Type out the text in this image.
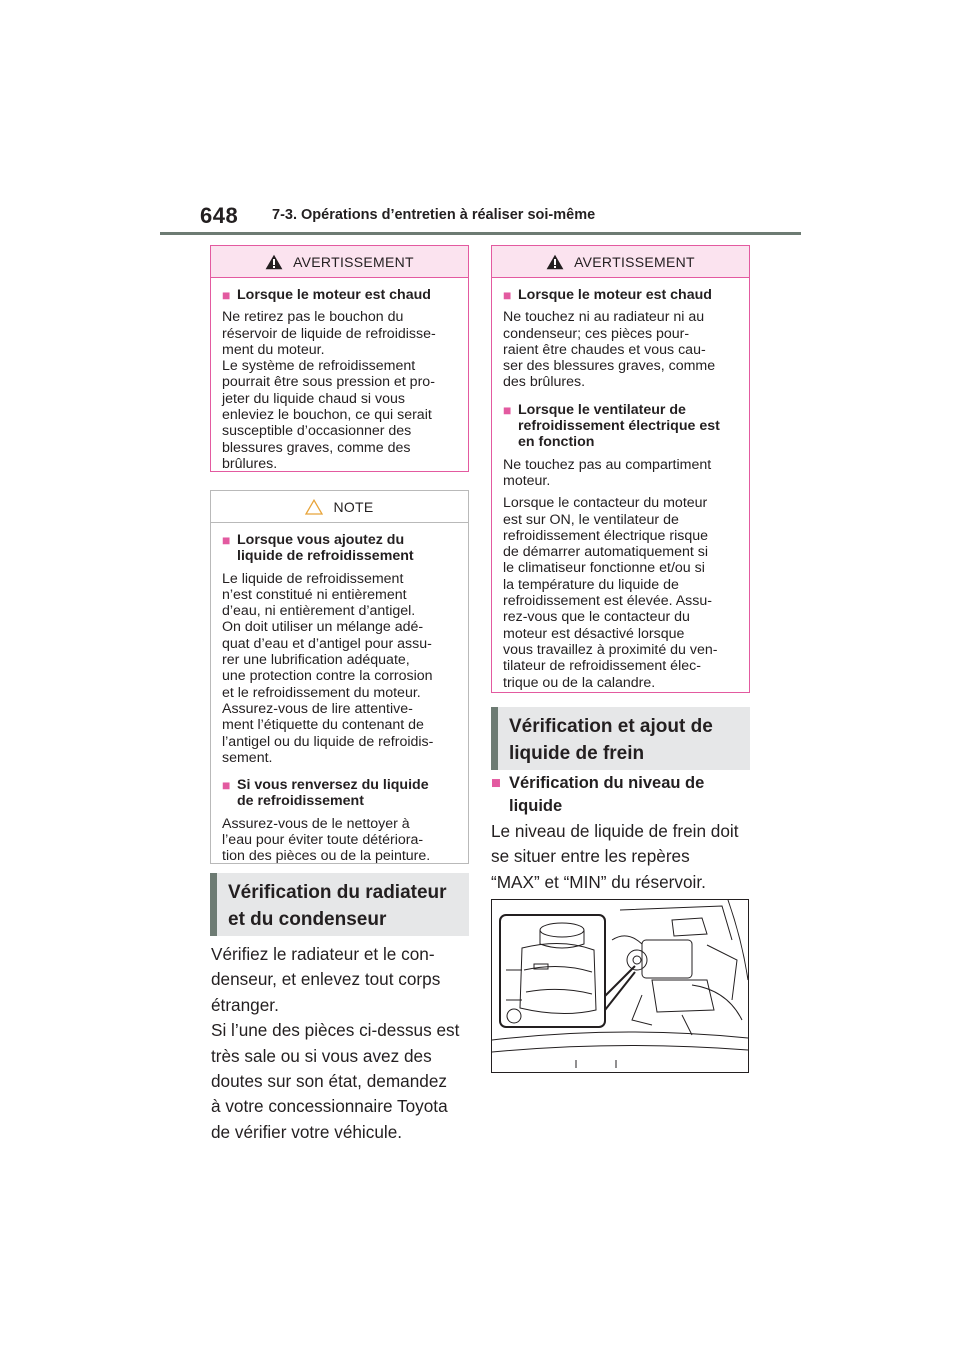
648 7-3. Opérations d’entretien à réaliser soi-même
AVERTISSEMENT
■ Lorsque le moteur est chaud
Ne retirez pas le bouchon du
réservoir de liquide de refroidisse-
ment du moteur.
Le système de refroidissement
pourrait être sous pression et pro-
jeter du liquide chaud si vous
enleviez le bouchon, ce qui serait
susceptible d’occasionner des
blessures graves, comme des
brûlures.
NOTE
■ Lorsque vous ajoutez du
liquide de refroidissement
Le liquide de refroidissement
n’est constitué ni entièrement
d’eau, ni entièrement d’antigel.
On doit utiliser un mélange adé-
quat d’eau et d’antigel pour assu-
rer une lubrification adéquate,
une protection contre la corrosion
et le refroidissement du moteur.
Assurez-vous de lire attentive-
ment l’étiquette du contenant de
l’antigel ou du liquide de refroidis-
sement.
■ Si vous renversez du liquide
de refroidissement
Assurez-vous de le nettoyer à
l’eau pour éviter toute détériora-
tion des pièces ou de la peinture.
Vérification du radiateur
et du condenseur
Vérifiez le radiateur et le con-
denseur, et enlevez tout corps
étranger.
Si l’une des pièces ci-dessus est
très sale ou si vous avez des
doutes sur son état, demandez
à votre concessionnaire Toyota
de vérifier votre véhicule.
AVERTISSEMENT
■ Lorsque le moteur est chaud
Ne touchez ni au radiateur ni au
condenseur; ces pièces pour-
raient être chaudes et vous cau-
ser des blessures graves, comme
des brûlures.
■ Lorsque le ventilateur de
refroidissement électrique est
en fonction
Ne touchez pas au compartiment
moteur.
Lorsque le contacteur du moteur
est sur ON, le ventilateur de
refroidissement électrique risque
de démarrer automatiquement si
le climatiseur fonctionne et/ou si
la température du liquide de
refroidissement est élevée. Assu-
rez-vous que le contacteur du
moteur est désactivé lorsque
vous travaillez à proximité du ven-
tilateur de refroidissement élec-
trique ou de la calandre.
Vérification et ajout de
liquide de frein
■ Vérification du niveau de
liquide
Le niveau de liquide de frein doit
se situer entre les repères
“MAX” et “MIN” du réservoir.
